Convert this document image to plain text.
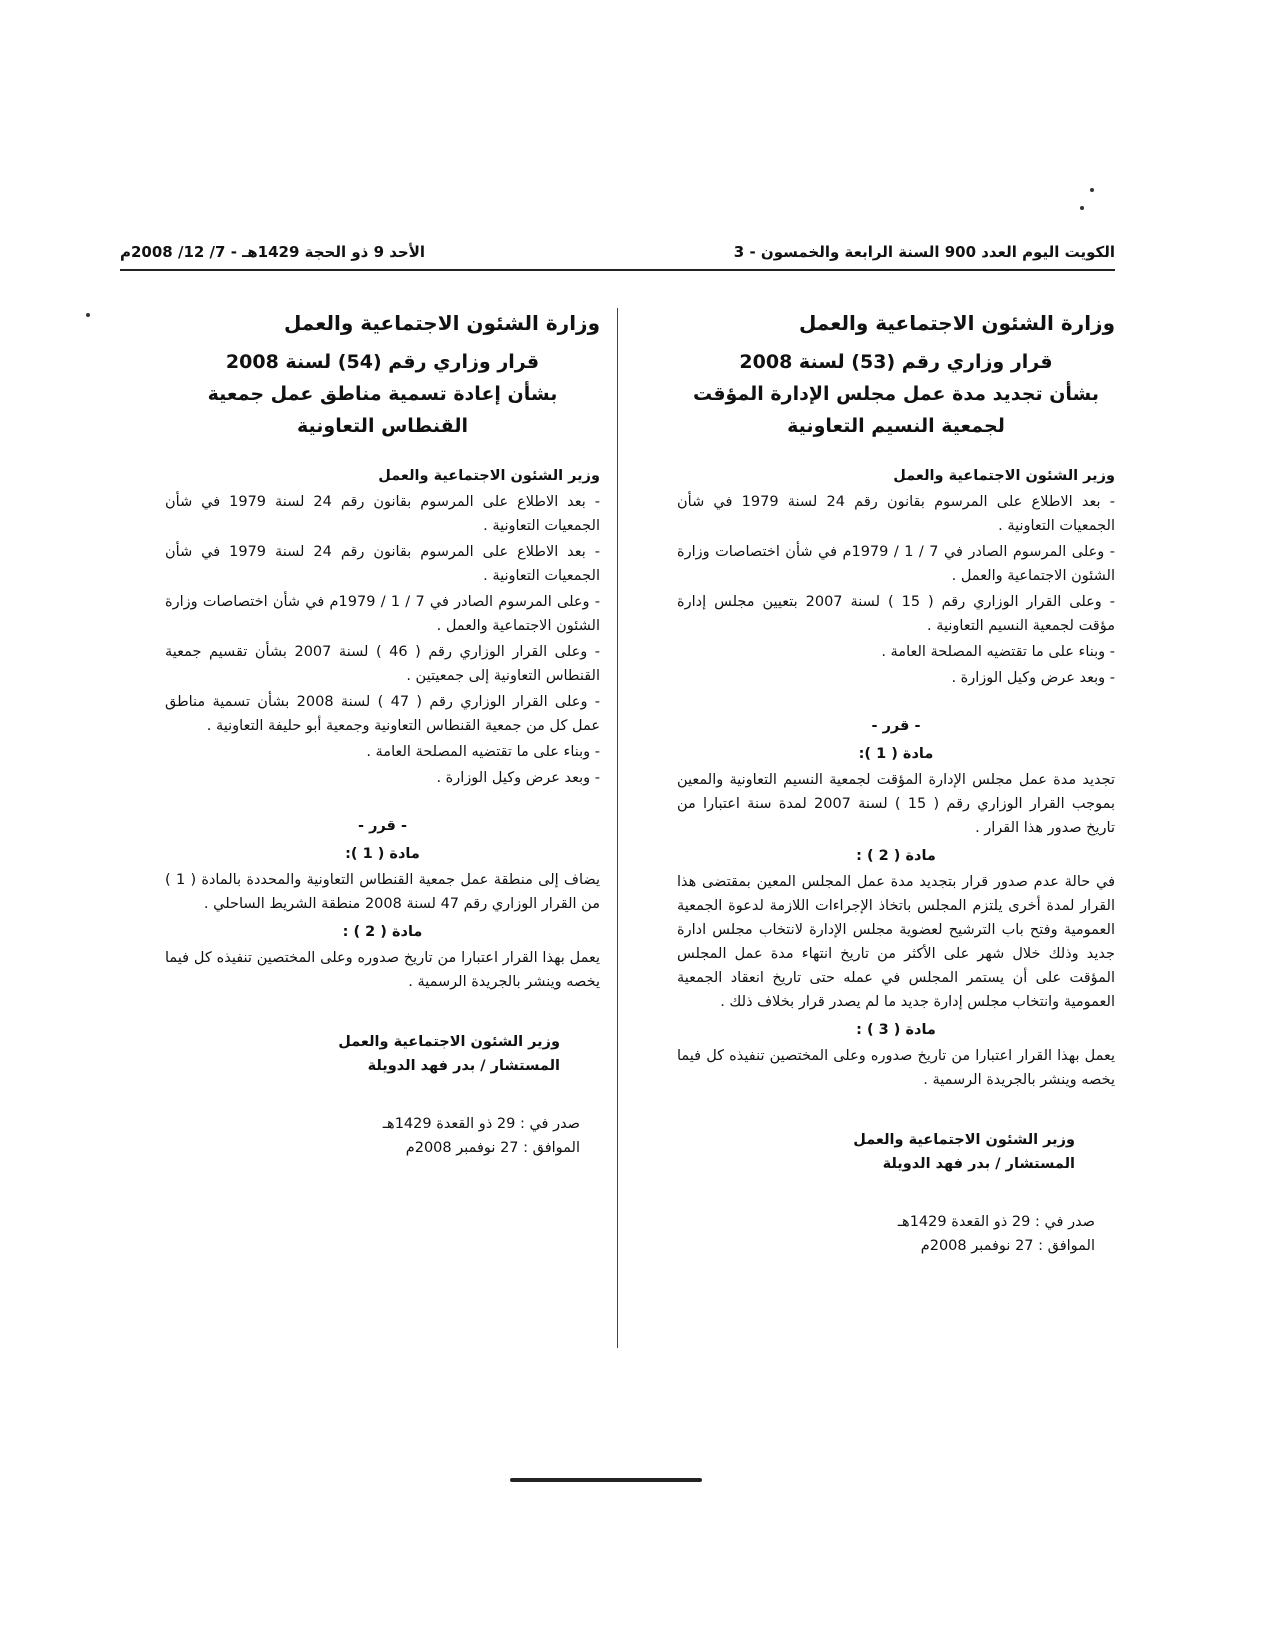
الكويت اليوم العدد 900 السنة الرابعة والخمسون - 3
الأحد 9 ذو الحجة 1429هـ - 7/ 12/ 2008م
وزارة الشئون الاجتماعية والعمل
قرار وزاري رقم (53) لسنة 2008
بشأن تجديد مدة عمل مجلس الإدارة المؤقت
لجمعية النسيم التعاونية
وزير الشئون الاجتماعية والعمل
- بعد الاطلاع على المرسوم بقانون رقم 24 لسنة 1979 في شأن الجمعيات التعاونية .
- وعلى المرسوم الصادر في 7 / 1 / 1979م في شأن اختصاصات وزارة الشئون الاجتماعية والعمل .
- وعلى القرار الوزاري رقم ( 15 ) لسنة 2007 بتعيين مجلس إدارة مؤقت لجمعية النسيم التعاونية .
- وبناء على ما تقتضيه المصلحة العامة .
- وبعد عرض وكيل الوزارة .
- قرر -
مادة ( 1 ):
تجديد مدة عمل مجلس الإدارة المؤقت لجمعية النسيم التعاونية والمعين بموجب القرار الوزاري رقم ( 15 ) لسنة 2007 لمدة سنة اعتبارا من تاريخ صدور هذا القرار .
مادة ( 2 ) :
في حالة عدم صدور قرار بتجديد مدة عمل المجلس المعين بمقتضى هذا القرار لمدة أخرى يلتزم المجلس باتخاذ الإجراءات اللازمة لدعوة الجمعية العمومية وفتح باب الترشيح لعضوية مجلس الإدارة لانتخاب مجلس ادارة جديد وذلك خلال شهر على الأكثر من تاريخ انتهاء مدة عمل المجلس المؤقت على أن يستمر المجلس في عمله حتى تاريخ انعقاد الجمعية العمومية وانتخاب مجلس إدارة جديد ما لم يصدر قرار بخلاف ذلك .
مادة ( 3 ) :
يعمل بهذا القرار اعتبارا من تاريخ صدوره وعلى المختصين تنفيذه كل فيما يخصه وينشر بالجريدة الرسمية .
وزير الشئون الاجتماعية والعمل
المستشار / بدر فهد الدويلة
صدر في : 29 ذو القعدة 1429هـ
الموافق : 27 نوفمبر 2008م
وزارة الشئون الاجتماعية والعمل
قرار وزاري رقم (54) لسنة 2008
بشأن إعادة تسمية مناطق عمل جمعية
القنطاس التعاونية
وزير الشئون الاجتماعية والعمل
- بعد الاطلاع على المرسوم بقانون رقم 24 لسنة 1979 في شأن الجمعيات التعاونية .
- بعد الاطلاع على المرسوم بقانون رقم 24 لسنة 1979 في شأن الجمعيات التعاونية .
- وعلى المرسوم الصادر في 7 / 1 / 1979م في شأن اختصاصات وزارة الشئون الاجتماعية والعمل .
- وعلى القرار الوزاري رقم ( 46 ) لسنة 2007 بشأن تقسيم جمعية القنطاس التعاونية إلى جمعيتين .
- وعلى القرار الوزاري رقم ( 47 ) لسنة 2008 بشأن تسمية مناطق عمل كل من جمعية القنطاس التعاونية وجمعية أبو حليفة التعاونية .
- وبناء على ما تقتضيه المصلحة العامة .
- وبعد عرض وكيل الوزارة .
- قرر -
مادة ( 1 ):
يضاف إلى منطقة عمل جمعية القنطاس التعاونية والمحددة بالمادة ( 1 ) من القرار الوزاري رقم 47 لسنة 2008 منطقة الشريط الساحلي .
مادة ( 2 ) :
يعمل بهذا القرار اعتبارا من تاريخ صدوره وعلى المختصين تنفيذه كل فيما يخصه وينشر بالجريدة الرسمية .
وزير الشئون الاجتماعية والعمل
المستشار / بدر فهد الدويلة
صدر في : 29 ذو القعدة 1429هـ
الموافق : 27 نوفمبر 2008م
